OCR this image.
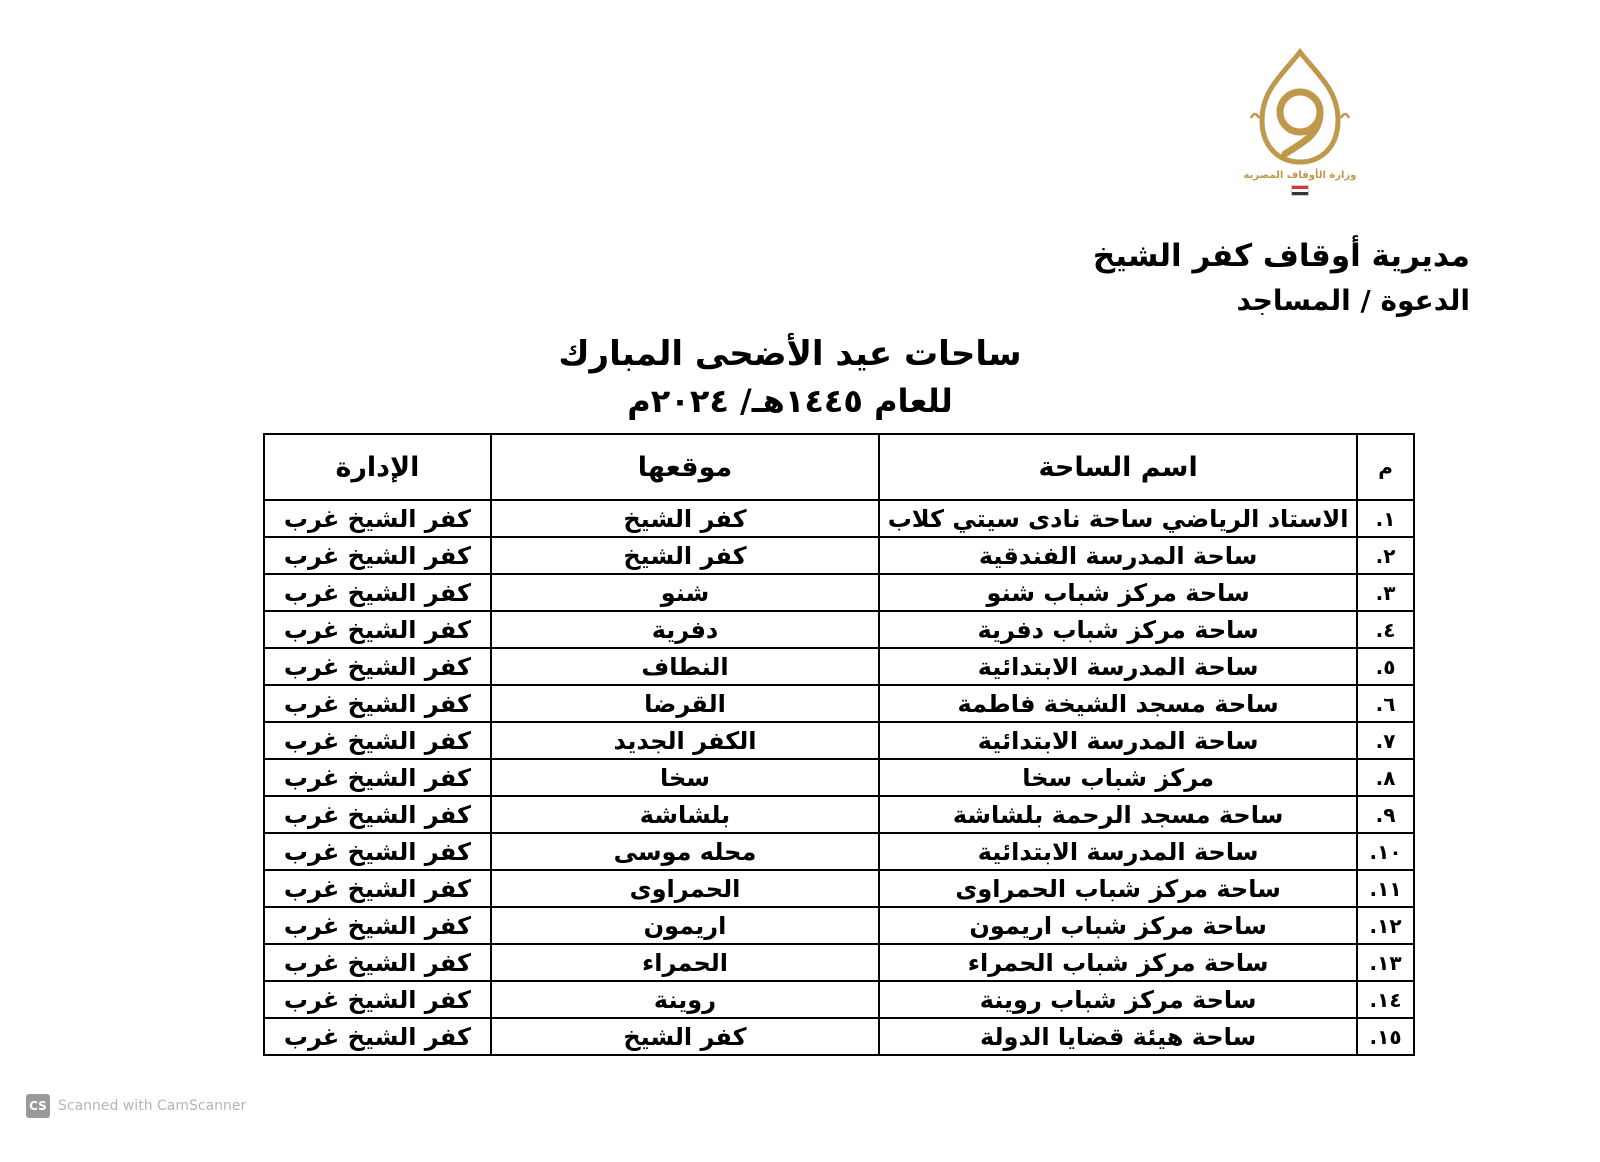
وزارة الأوقاف المصرية
مديرية أوقاف كفر الشيخ
الدعوة / المساجد
ساحات عيد الأضحى المبارك
للعام ١٤٤٥هـ/ ٢٠٢٤م
م	اسم الساحة	موقعها	الإدارة
١.	الاستاد الرياضي ساحة نادى سيتي كلاب	كفر الشيخ	كفر الشيخ غرب
٢.	ساحة المدرسة الفندقية	كفر الشيخ	كفر الشيخ غرب
٣.	ساحة مركز شباب شنو	شنو	كفر الشيخ غرب
٤.	ساحة مركز شباب دفرية	دفرية	كفر الشيخ غرب
٥.	ساحة المدرسة الابتدائية	النطاف	كفر الشيخ غرب
٦.	ساحة مسجد الشيخة فاطمة	القرضا	كفر الشيخ غرب
٧.	ساحة المدرسة الابتدائية	الكفر الجديد	كفر الشيخ غرب
٨.	مركز شباب سخا	سخا	كفر الشيخ غرب
٩.	ساحة مسجد الرحمة بلشاشة	بلشاشة	كفر الشيخ غرب
١٠.	ساحة المدرسة الابتدائية	محله موسى	كفر الشيخ غرب
١١.	ساحة مركز شباب الحمراوى	الحمراوى	كفر الشيخ غرب
١٢.	ساحة مركز شباب اريمون	اريمون	كفر الشيخ غرب
١٣.	ساحة مركز شباب الحمراء	الحمراء	كفر الشيخ غرب
١٤.	ساحة مركز شباب روينة	روينة	كفر الشيخ غرب
١٥.	ساحة هيئة قضايا الدولة	كفر الشيخ	كفر الشيخ غرب
CS Scanned with CamScanner
